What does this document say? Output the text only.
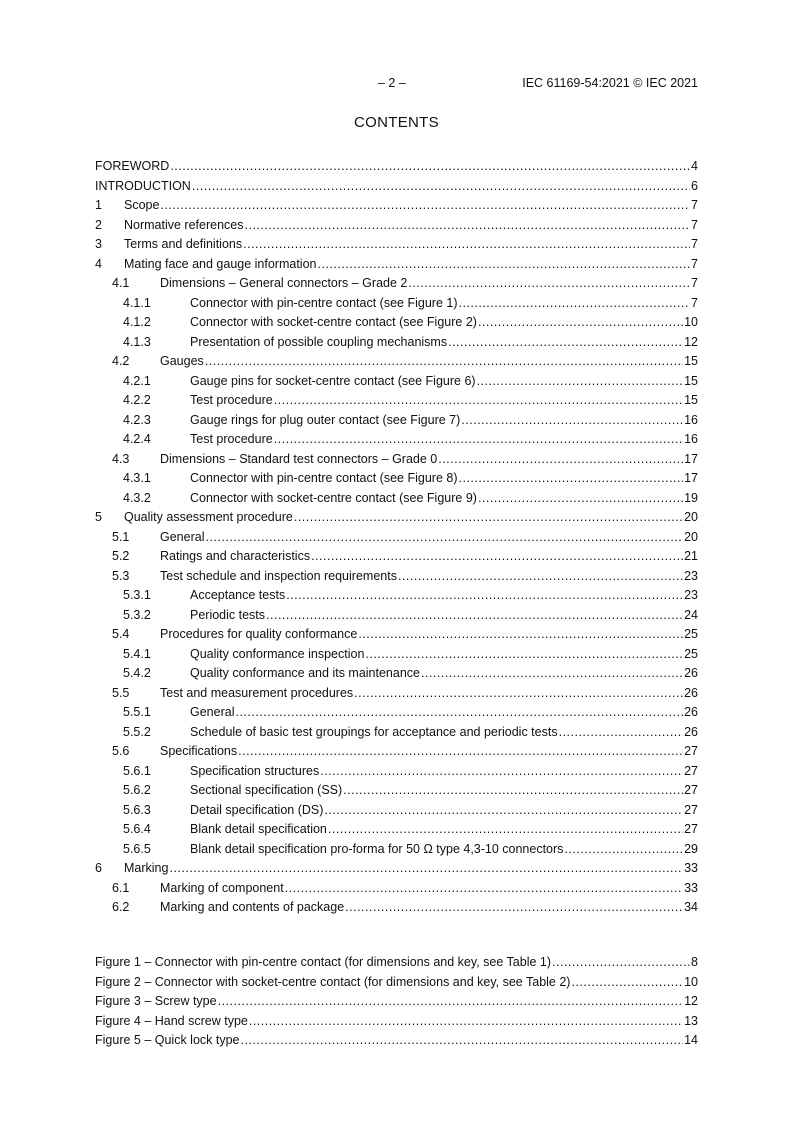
– 2 –	IEC 61169-54:2021 © IEC 2021
CONTENTS
FOREWORD .....	4
INTRODUCTION .....	6
1 Scope .....	7
2 Normative references .....	7
3 Terms and definitions .....	7
4 Mating face and gauge information .....	7
4.1 Dimensions – General connectors – Grade 2 .....	7
4.1.1	Connector with pin-centre contact (see Figure 1) .....	7
4.1.2	Connector with socket-centre contact (see Figure 2) .....	10
4.1.3	Presentation of possible coupling mechanisms .....	12
4.2 Gauges .....	15
4.2.1	Gauge pins for socket-centre contact (see Figure 6) .....	15
4.2.2	Test procedure .....	15
4.2.3	Gauge rings for plug outer contact (see Figure 7) .....	16
4.2.4	Test procedure .....	16
4.3 Dimensions – Standard test connectors – Grade 0 .....	17
4.3.1	Connector with pin-centre contact (see Figure 8) .....	17
4.3.2	Connector with socket-centre contact (see Figure 9) .....	19
5 Quality assessment procedure .....	20
5.1 General .....	20
5.2 Ratings and characteristics .....	21
5.3 Test schedule and inspection requirements .....	23
5.3.1	Acceptance tests .....	23
5.3.2	Periodic tests .....	24
5.4 Procedures for quality conformance .....	25
5.4.1	Quality conformance inspection .....	25
5.4.2	Quality conformance and its maintenance .....	26
5.5 Test and measurement procedures .....	26
5.5.1	General .....	26
5.5.2	Schedule of basic test groupings for acceptance and periodic tests .....	26
5.6 Specifications .....	27
5.6.1	Specification structures .....	27
5.6.2	Sectional specification (SS) .....	27
5.6.3	Detail specification (DS) .....	27
5.6.4	Blank detail specification .....	27
5.6.5	Blank detail specification pro-forma for 50 Ω type 4,3-10 connectors .....	29
6 Marking .....	33
6.1 Marking of component .....	33
6.2 Marking and contents of package .....	34
Figure 1 – Connector with pin-centre contact (for dimensions and key, see Table 1) .....	8
Figure 2 – Connector with socket-centre contact (for dimensions and key, see Table 2) .....	10
Figure 3 – Screw type .....	12
Figure 4 – Hand screw type .....	13
Figure 5 – Quick lock type .....	14
